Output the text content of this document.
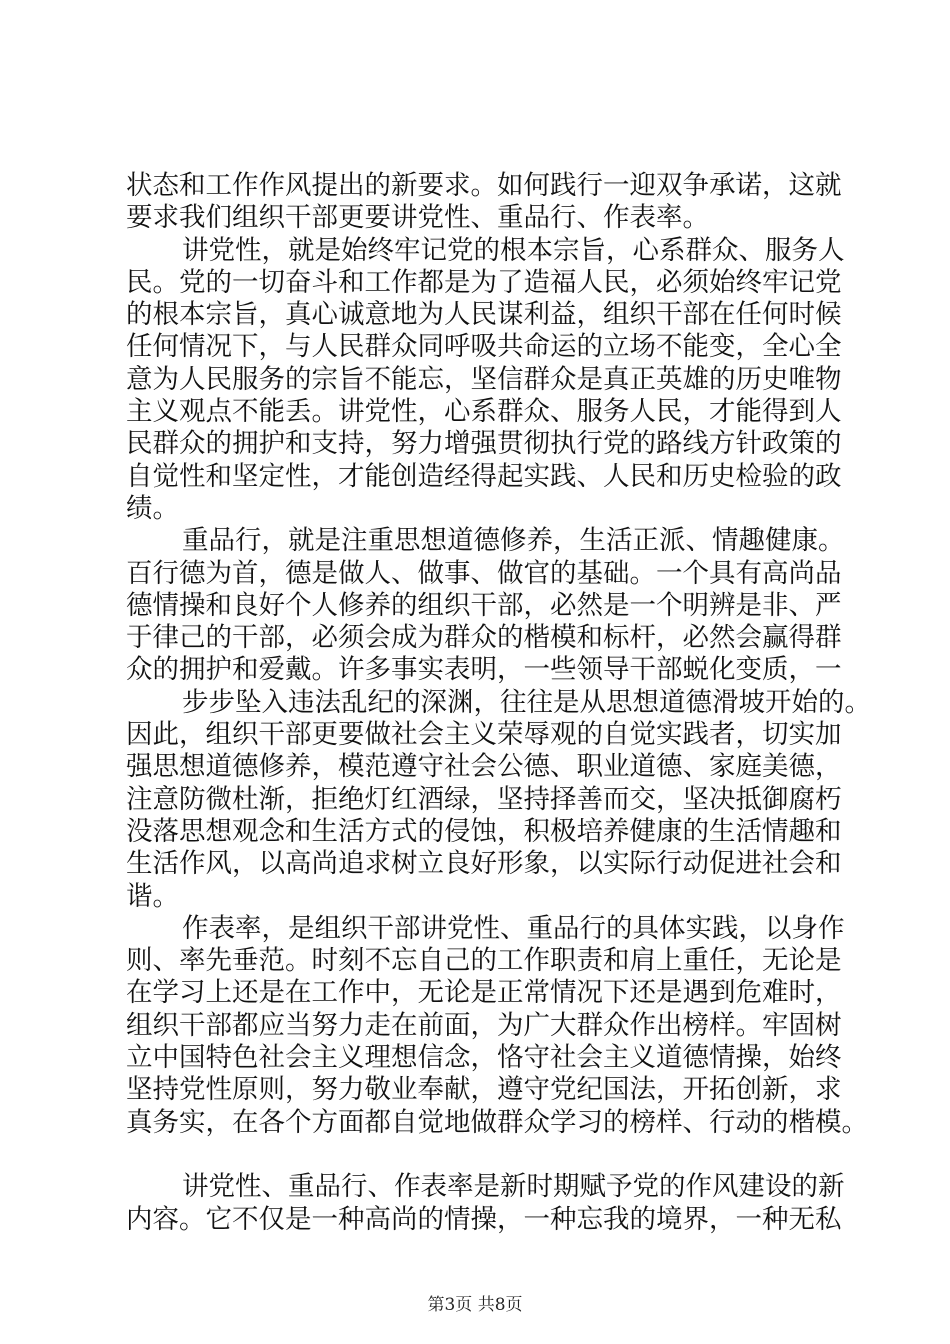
状态和工作作风提出的新要求。如何践行一迎双争承诺，这就
要求我们组织干部更要讲党性、重品行、作表率。
讲党性，就是始终牢记党的根本宗旨，心系群众、服务人
民。党的一切奋斗和工作都是为了造福人民，必须始终牢记党
的根本宗旨，真心诚意地为人民谋利益，组织干部在任何时候
任何情况下，与人民群众同呼吸共命运的立场不能变，全心全
意为人民服务的宗旨不能忘，坚信群众是真正英雄的历史唯物
主义观点不能丢。讲党性，心系群众、服务人民，才能得到人
民群众的拥护和支持，努力增强贯彻执行党的路线方针政策的
自觉性和坚定性，才能创造经得起实践、人民和历史检验的政
绩。
重品行，就是注重思想道德修养，生活正派、情趣健康。
百行德为首，德是做人、做事、做官的基础。一个具有高尚品
德情操和良好个人修养的组织干部，必然是一个明辨是非、严
于律己的干部，必须会成为群众的楷模和标杆，必然会赢得群
众的拥护和爱戴。许多事实表明，一些领导干部蜕化变质，一
步步坠入违法乱纪的深渊，往往是从思想道德滑坡开始的。
因此，组织干部更要做社会主义荣辱观的自觉实践者，切实加
强思想道德修养，模范遵守社会公德、职业道德、家庭美德，
注意防微杜渐，拒绝灯红酒绿，坚持择善而交，坚决抵御腐朽
没落思想观念和生活方式的侵蚀，积极培养健康的生活情趣和
生活作风，以高尚追求树立良好形象，以实际行动促进社会和
谐。
作表率，是组织干部讲党性、重品行的具体实践，以身作
则、率先垂范。时刻不忘自己的工作职责和肩上重任，无论是
在学习上还是在工作中，无论是正常情况下还是遇到危难时，
组织干部都应当努力走在前面，为广大群众作出榜样。牢固树
立中国特色社会主义理想信念，恪守社会主义道德情操，始终
坚持党性原则，努力敬业奉献，遵守党纪国法，开拓创新，求
真务实，在各个方面都自觉地做群众学习的榜样、行动的楷模。
讲党性、重品行、作表率是新时期赋予党的作风建设的新
内容。它不仅是一种高尚的情操，一种忘我的境界，一种无私
第3页 共8页
